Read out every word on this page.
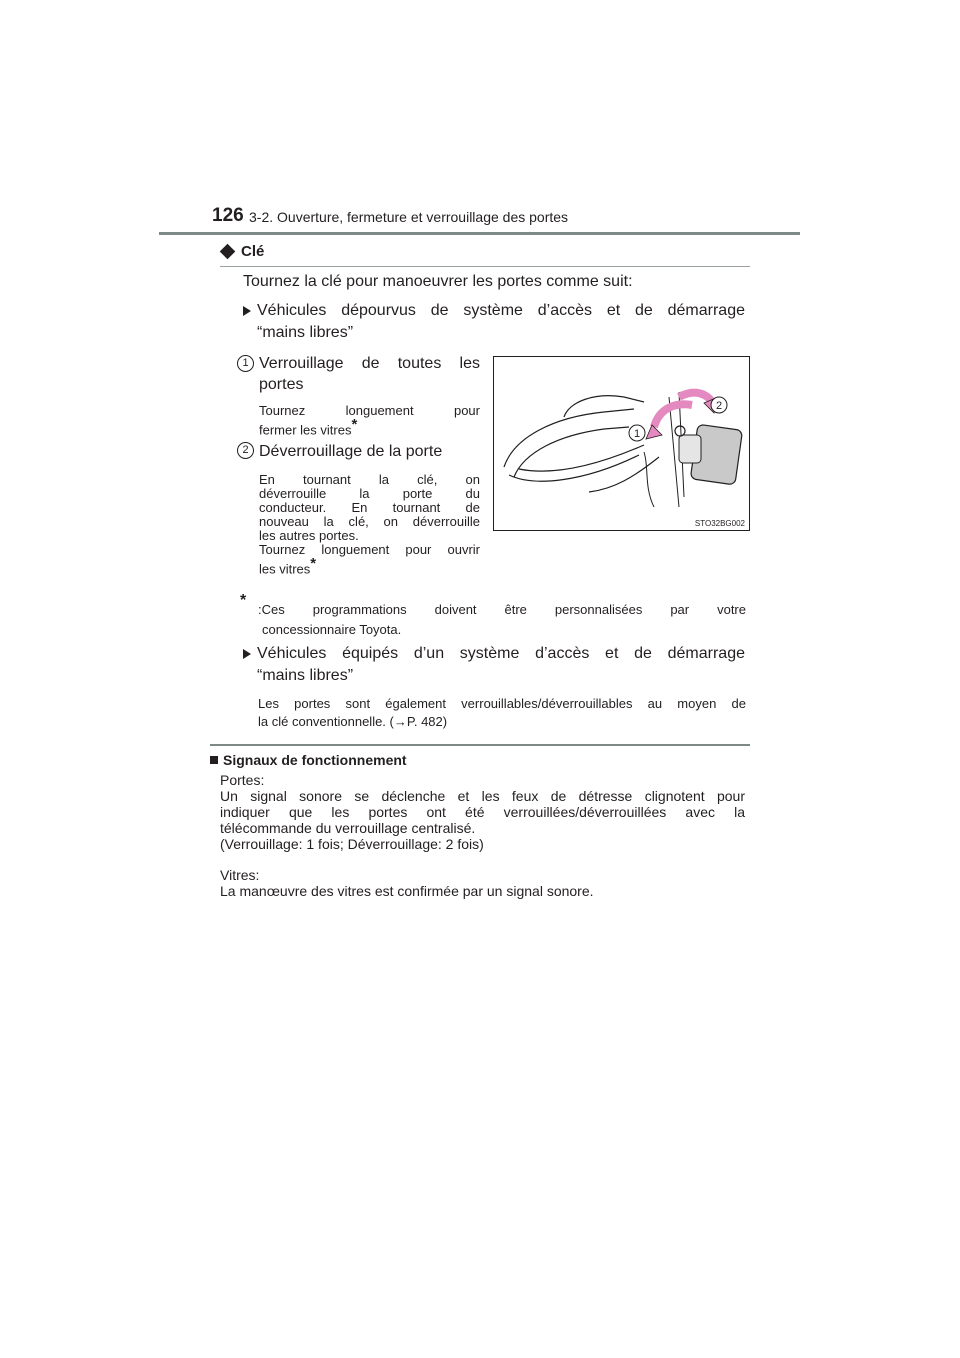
126 3-2. Ouverture, fermeture et verrouillage des portes
Clé
Tournez la clé pour manoeuvrer les portes comme suit:
Véhicules dépourvus de système d’accès et de démarrage
“mains libres”
1 Verrouillage de toutes les
portes
Tournez longuement pour
fermer les vitres*
2 Déverrouillage de la porte
En tournant la clé, on
déverrouille la porte du
conducteur. En tournant de
nouveau la clé, on déverrouille
les autres portes.
Tournez longuement pour ouvrir
les vitres*
1
2
STO32BG002
*
:Ces programmations doivent être personnalisées par votre
concessionnaire Toyota.
Véhicules équipés d’un système d’accès et de démarrage
“mains libres”
Les portes sont également verrouillables/déverrouillables au moyen de
la clé conventionnelle. (→P. 482)
Signaux de fonctionnement
Portes:
Un signal sonore se déclenche et les feux de détresse clignotent pour
indiquer que les portes ont été verrouillées/déverrouillées avec la
télécommande du verrouillage centralisé.
(Verrouillage: 1 fois; Déverrouillage: 2 fois)
Vitres:
La manœuvre des vitres est confirmée par un signal sonore.
